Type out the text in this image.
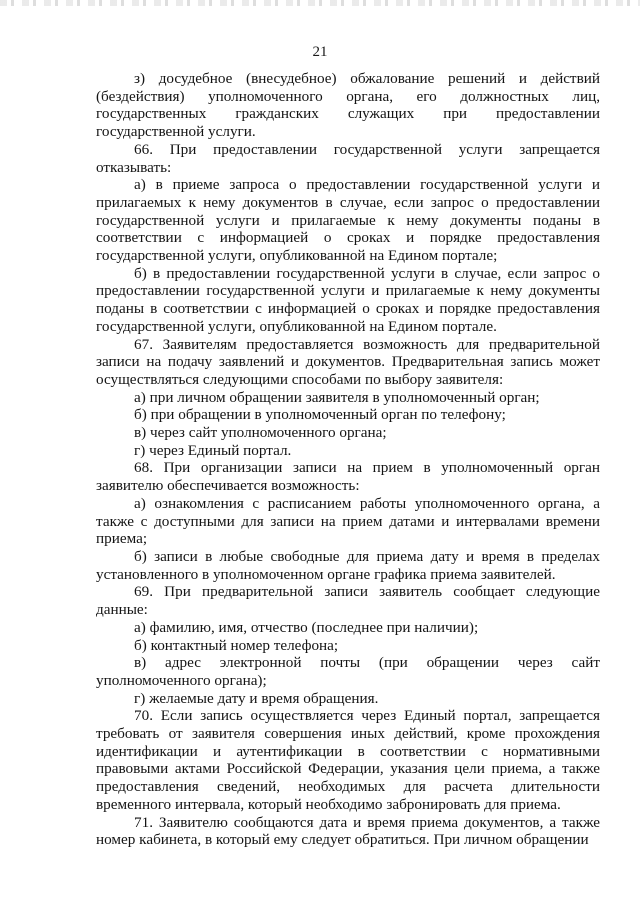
21

з) досудебное (внесудебное) обжалование решений и действий (бездействия) уполномоченного органа, его должностных лиц, государственных гражданских служащих при предоставлении государственной услуги.

66. При предоставлении государственной услуги запрещается отказывать:

а) в приеме запроса о предоставлении государственной услуги и прилагаемых к нему документов в случае, если запрос о предоставлении государственной услуги и прилагаемые к нему документы поданы в соответствии с информацией о сроках и порядке предоставления государственной услуги, опубликованной на Едином портале;

б) в предоставлении государственной услуги в случае, если запрос о предоставлении государственной услуги и прилагаемые к нему документы поданы в соответствии с информацией о сроках и порядке предоставления государственной услуги, опубликованной на Едином портале.

67. Заявителям предоставляется возможность для предварительной записи на подачу заявлений и документов. Предварительная запись может осуществляться следующими способами по выбору заявителя:

а) при личном обращении заявителя в уполномоченный орган;

б) при обращении в уполномоченный орган по телефону;

в) через сайт уполномоченного органа;

г) через Единый портал.

68. При организации записи на прием в уполномоченный орган заявителю обеспечивается возможность:

а) ознакомления с расписанием работы уполномоченного органа, а также с доступными для записи на прием датами и интервалами времени приема;

б) записи в любые свободные для приема дату и время в пределах установленного в уполномоченном органе графика приема заявителей.

69. При предварительной записи заявитель сообщает следующие данные:

а) фамилию, имя, отчество (последнее при наличии);

б) контактный номер телефона;

в) адрес электронной почты (при обращении через сайт уполномоченного органа);

г) желаемые дату и время обращения.

70. Если запись осуществляется через Единый портал, запрещается требовать от заявителя совершения иных действий, кроме прохождения идентификации и аутентификации в соответствии с нормативными правовыми актами Российской Федерации, указания цели приема, а также предоставления сведений, необходимых для расчета длительности временного интервала, который необходимо забронировать для приема.

71. Заявителю сообщаются дата и время приема документов, а также номер кабинета, в который ему следует обратиться. При личном обращении
